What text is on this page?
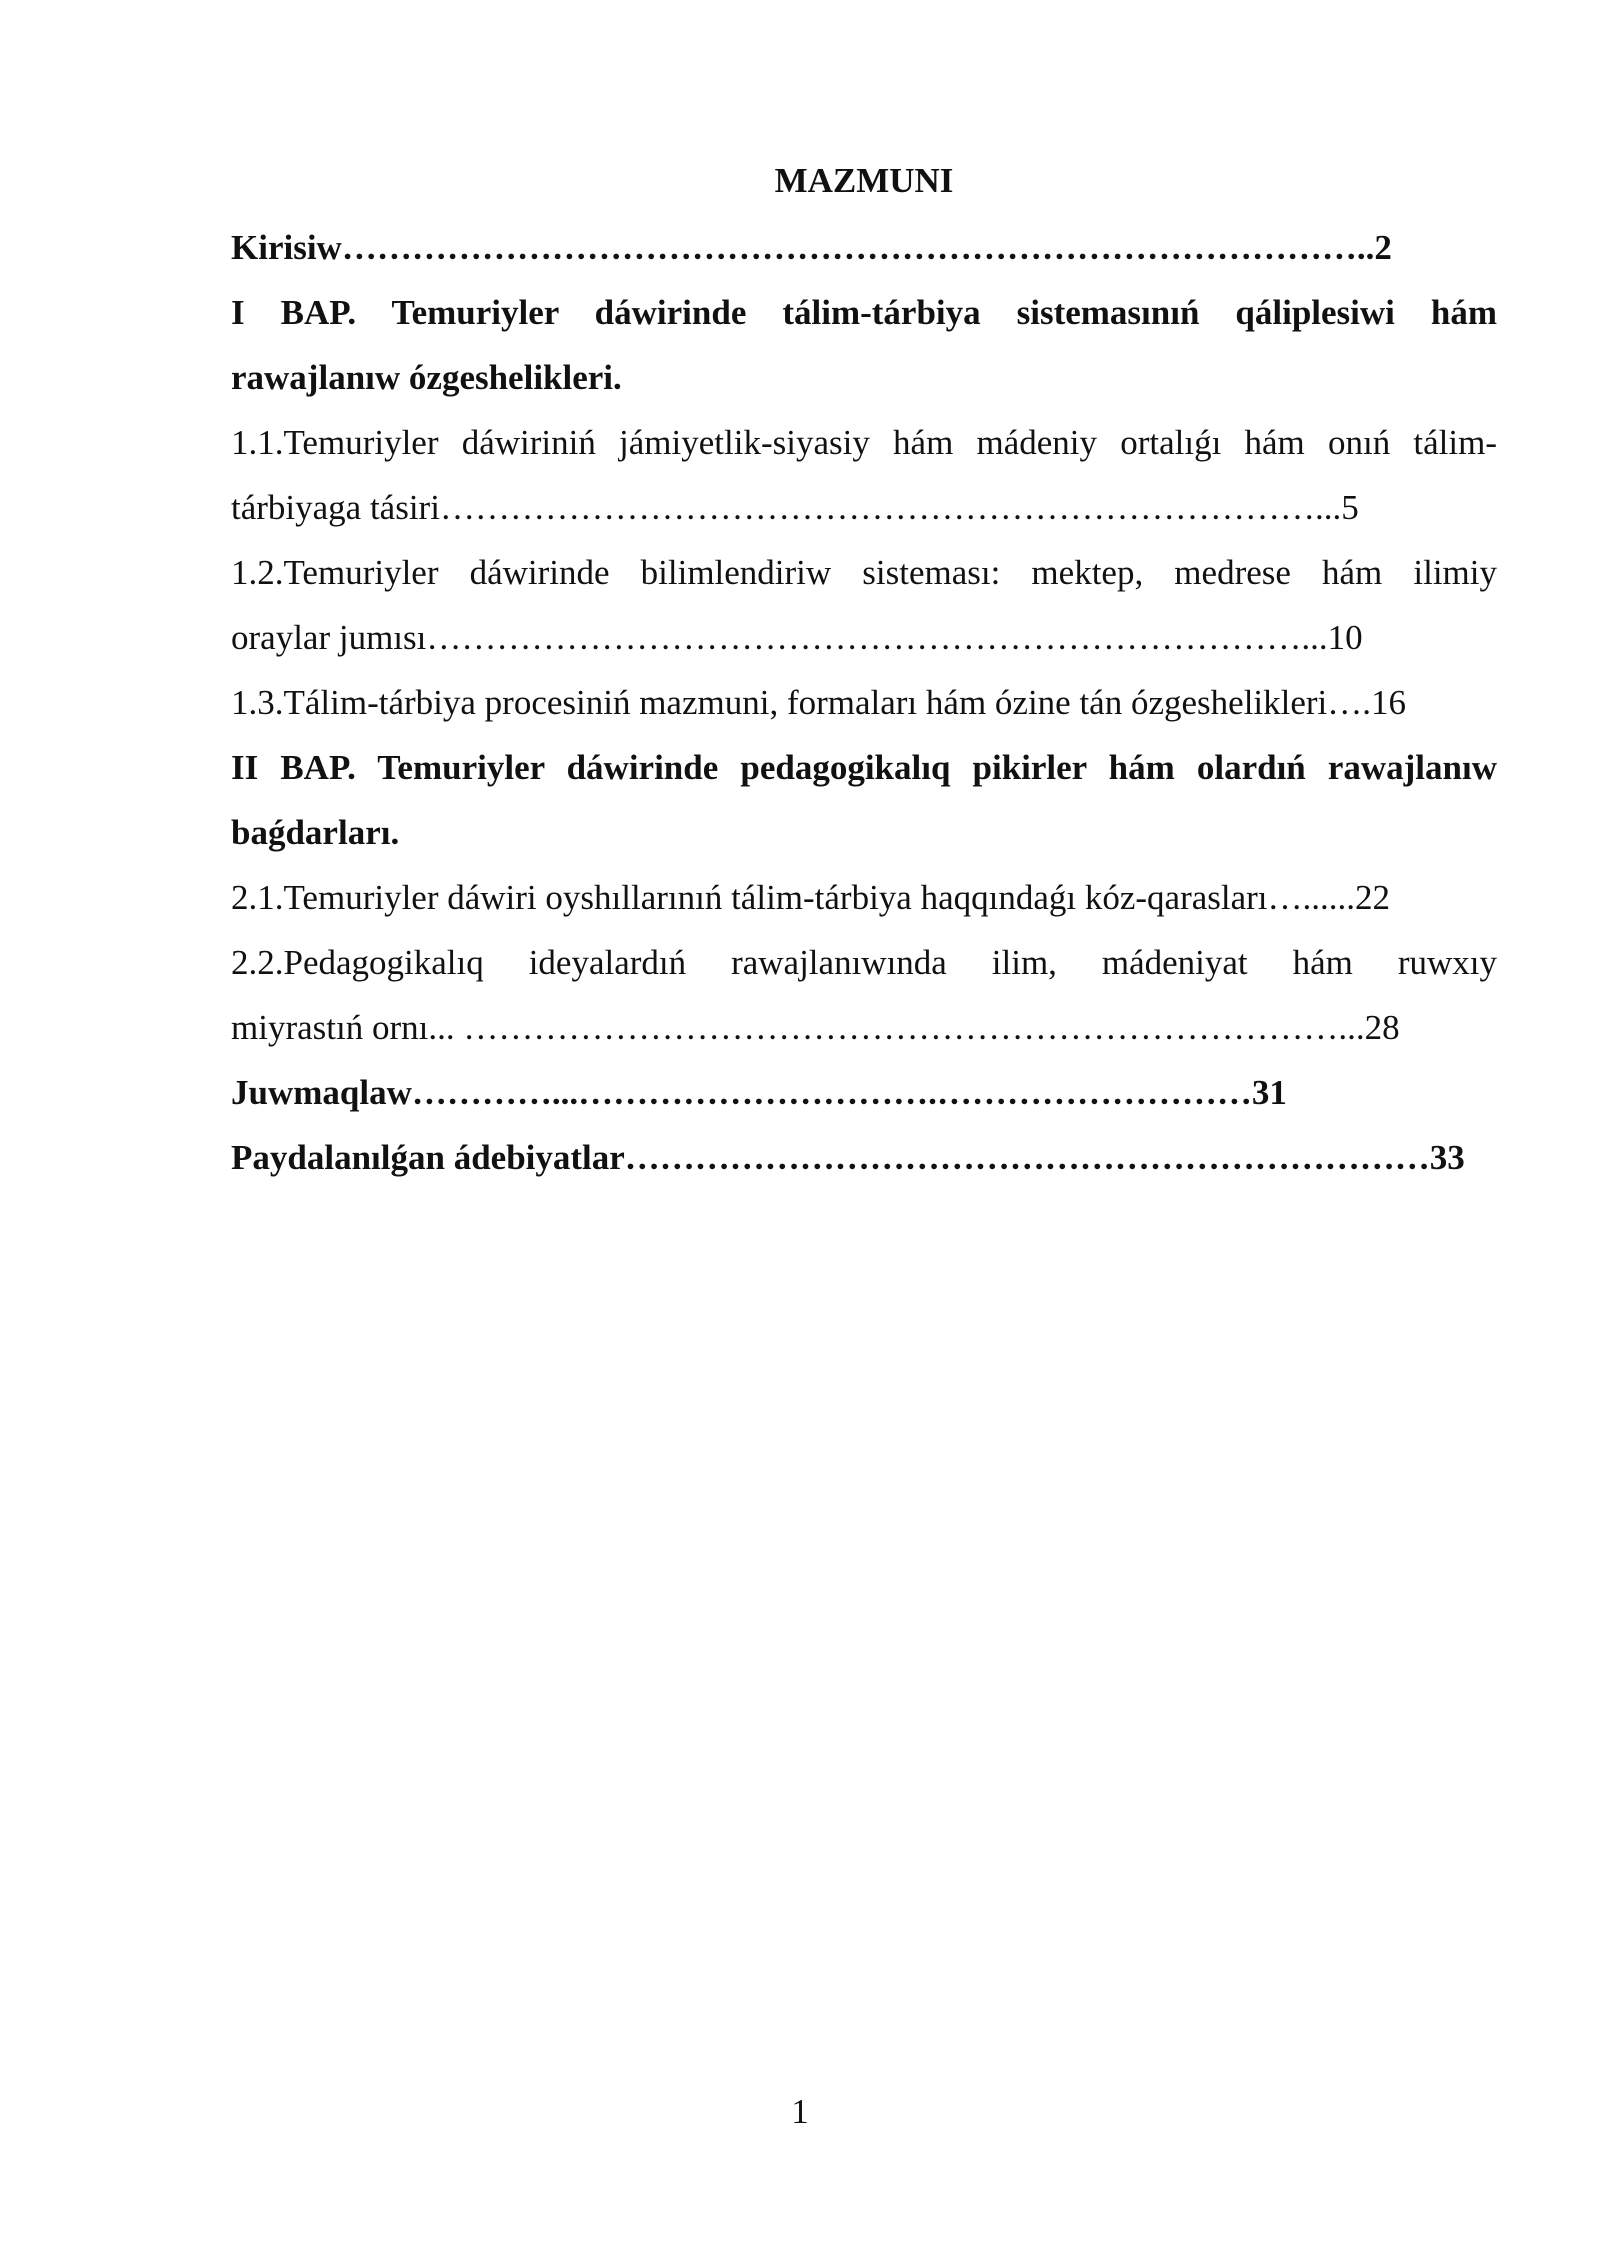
MAZMUNI
Kirisiw……………………………………………………………………………..2
I BAP. Temuriyler dáwirinde tálim-tárbiya sistemasınıń qáliplesiwi hám
rawajlanıw ózgeshelikleri.
1.1.Temuriyler dáwiriniń jámiyetlik-siyasiy hám mádeniy ortalıǵı hám onıń tálim-
tárbiyaga tásiri…………………………………………………………………...5
1.2.Temuriyler dáwirinde bilimlendiriw sisteması: mektep, medrese hám ilimiy
oraylar jumısı…………………………………………………………………...10
1.3.Tálim-tárbiya procesiniń mazmuni, formaları hám ózine tán ózgeshelikleri….16
II BAP. Temuriyler dáwirinde pedagogikalıq pikirler hám olardıń rawajlanıw
baǵdarları.
2.1.Temuriyler dáwiri oyshıllarınıń tálim-tárbiya haqqındaǵı kóz-qarasları…......22
2.2.Pedagogikalıq ideyalardıń rawajlanıwında ilim, mádeniyat hám ruwxıy
miyrastıń ornı... …………………………………………………………………...28
Juwmaqlaw…………...………………………….………………………31
Paydalanılǵan ádebiyatlar……………………………………………………………33
1
